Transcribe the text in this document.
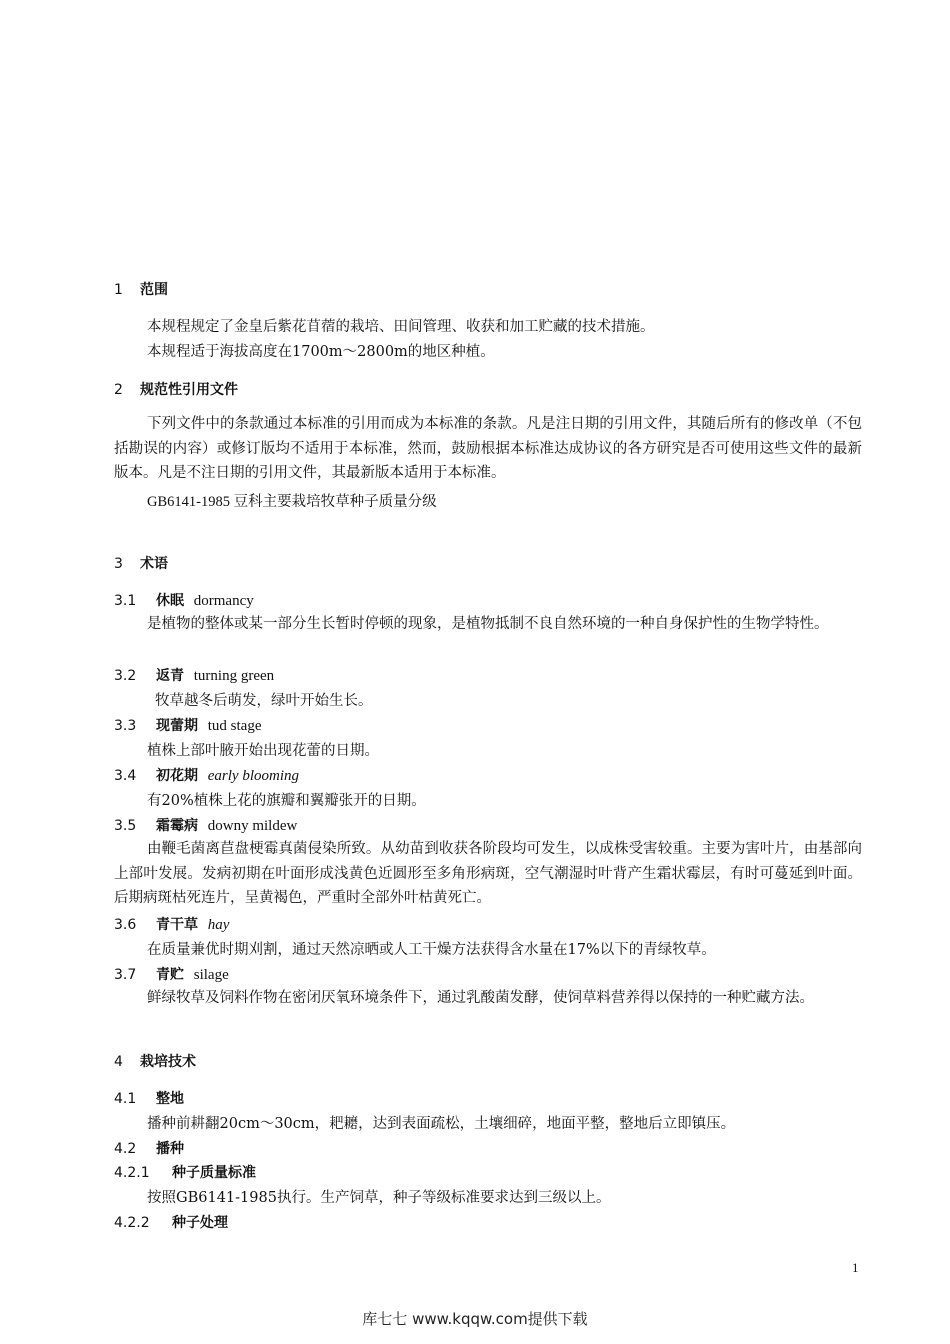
1 范围
本规程规定了金皇后紫花苜蓿的栽培、田间管理、收获和加工贮藏的技术措施。
本规程适于海拔高度在1700m～2800m的地区种植。
2 规范性引用文件
下列文件中的条款通过本标准的引用而成为本标准的条款。凡是注日期的引用文件，其随后所有的修改单（不包括勘误的内容）或修订版均不适用于本标准，然而，鼓励根据本标准达成协议的各方研究是否可使用这些文件的最新版本。凡是不注日期的引用文件，其最新版本适用于本标准。
GB6141-1985 豆科主要栽培牧草种子质量分级
3 术语
3.1 休眠 dormancy
是植物的整体或某一部分生长暂时停顿的现象，是植物抵制不良自然环境的一种自身保护性的生物学特性。
3.2 返青 turning green
牧草越冬后萌发，绿叶开始生长。
3.3 现蕾期 tud stage
植株上部叶腋开始出现花蕾的日期。
3.4 初花期 early blooming
有20%植株上花的旗瓣和翼瓣张开的日期。
3.5 霜霉病 downy mildew
由鞭毛菌离苣盘梗霉真菌侵染所致。从幼苗到收获各阶段均可发生，以成株受害较重。主要为害叶片，由基部向上部叶发展。发病初期在叶面形成浅黄色近圆形至多角形病斑，空气潮湿时叶背产生霜状霉层，有时可蔓延到叶面。后期病斑枯死连片，呈黄褐色，严重时全部外叶枯黄死亡。
3.6 青干草 hay
在质量兼优时期刈割，通过天然凉晒或人工干燥方法获得含水量在17%以下的青绿牧草。
3.7 青贮 silage
鲜绿牧草及饲料作物在密闭厌氧环境条件下，通过乳酸菌发酵，使饲草料营养得以保持的一种贮藏方法。
4 栽培技术
4.1 整地
播种前耕翻20cm～30cm，耙耱，达到表面疏松，土壤细碎，地面平整，整地后立即镇压。
4.2 播种
4.2.1 种子质量标准
按照GB6141-1985执行。生产饲草，种子等级标准要求达到三级以上。
4.2.2 种子处理
1
库七七 www.kqqw.com提供下载
